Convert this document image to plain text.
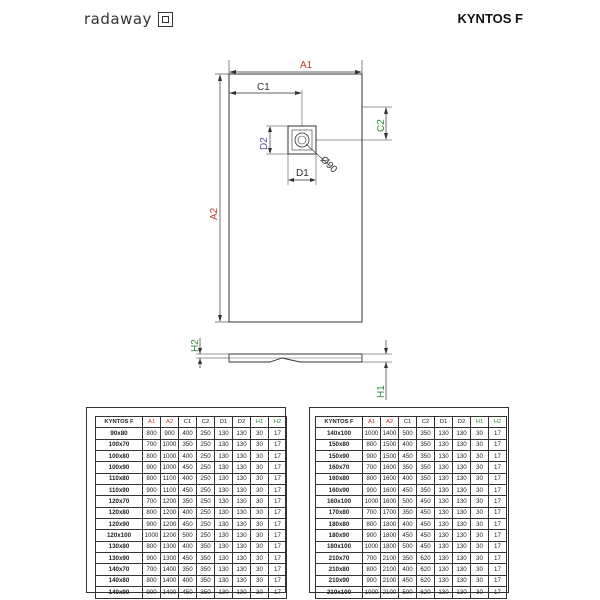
radaway	KYNTOS F
A1
C1
C2
D2
D1 Ø90
A2
H2
H1
KYNTOS F	A1	A2	C1	C2	D1	D2	H1	H2
90x80	800	900	400	250	130	130	30	17
100x70	700	1000	350	250	130	130	30	17
100x80	800	1000	400	250	130	130	30	17
100x90	900	1000	450	250	130	130	30	17
110x80	800	1100	400	250	130	130	30	17
110x90	900	1100	450	250	130	130	30	17
120x70	700	1200	350	250	130	130	30	17
120x80	800	1200	400	250	130	130	30	17
120x90	900	1200	450	250	130	130	30	17
120x100	1000	1200	500	250	130	130	30	17
130x80	800	1300	400	350	130	130	30	17
130x90	900	1300	450	350	130	130	30	17
140x70	700	1400	350	350	130	130	30	17
140x80	800	1400	400	350	130	130	30	17
140x90	900	1400	450	350	130	130	30	17
KYNTOS F	A1	A2	C1	C2	D1	D2	H1	H2
140x100	1000	1400	500	350	130	130	30	17
150x80	800	1500	400	350	130	130	30	17
150x90	900	1500	450	350	130	130	30	17
160x70	700	1600	350	350	130	130	30	17
160x80	800	1600	400	350	130	130	30	17
160x90	900	1600	450	350	130	130	30	17
160x100	1000	1600	500	450	130	130	30	17
170x80	700	1700	350	450	130	130	30	17
180x80	800	1800	400	450	130	130	30	17
180x90	900	1800	450	450	130	130	30	17
180x100	1000	1800	500	450	130	130	30	17
210x70	700	2100	350	620	130	130	30	17
210x80	800	2100	400	620	130	130	30	17
210x90	900	2100	450	620	130	130	30	17
210x100	1000	2100	500	620	130	130	30	17
